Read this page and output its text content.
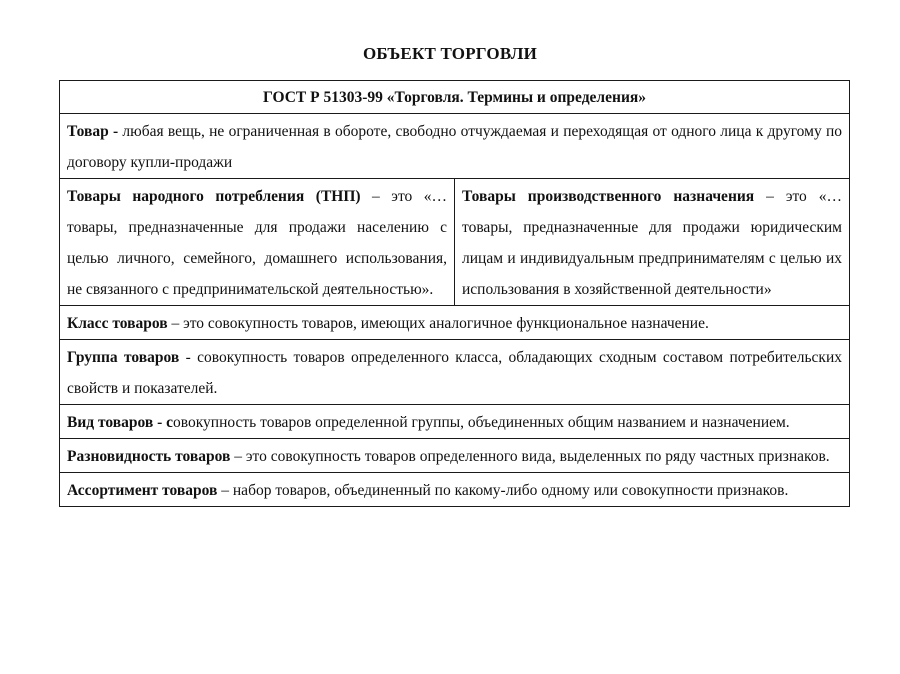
ОБЪЕКТ ТОРГОВЛИ
ГОСТ Р 51303-99 «Торговля. Термины и определения»
Товар - любая вещь, не ограниченная в обороте, свободно отчуждаемая и переходящая от одного лица к другому по договору купли-продажи
Товары народного потребления (ТНП) – это «…товары, предназначенные для продажи населению с целью личного, семейного, домашнего использования, не связанного с предпринимательской деятельностью».	Товары производственного назначения – это «…товары, предназначенные для продажи юридическим лицам и индивидуальным предпринимателям с целью их использования в хозяйственной деятельности»
Класс товаров – это совокупность товаров, имеющих аналогичное функциональное назначение.
Группа товаров - совокупность товаров определенного класса, обладающих сходным составом потребительских свойств и показателей.
Вид товаров - совокупность товаров определенной группы, объединенных общим названием и назначением.
Разновидность товаров – это совокупность товаров определенного вида, выделенных по ряду частных признаков.
Ассортимент товаров – набор товаров, объединенный по какому-либо одному или совокупности признаков.
